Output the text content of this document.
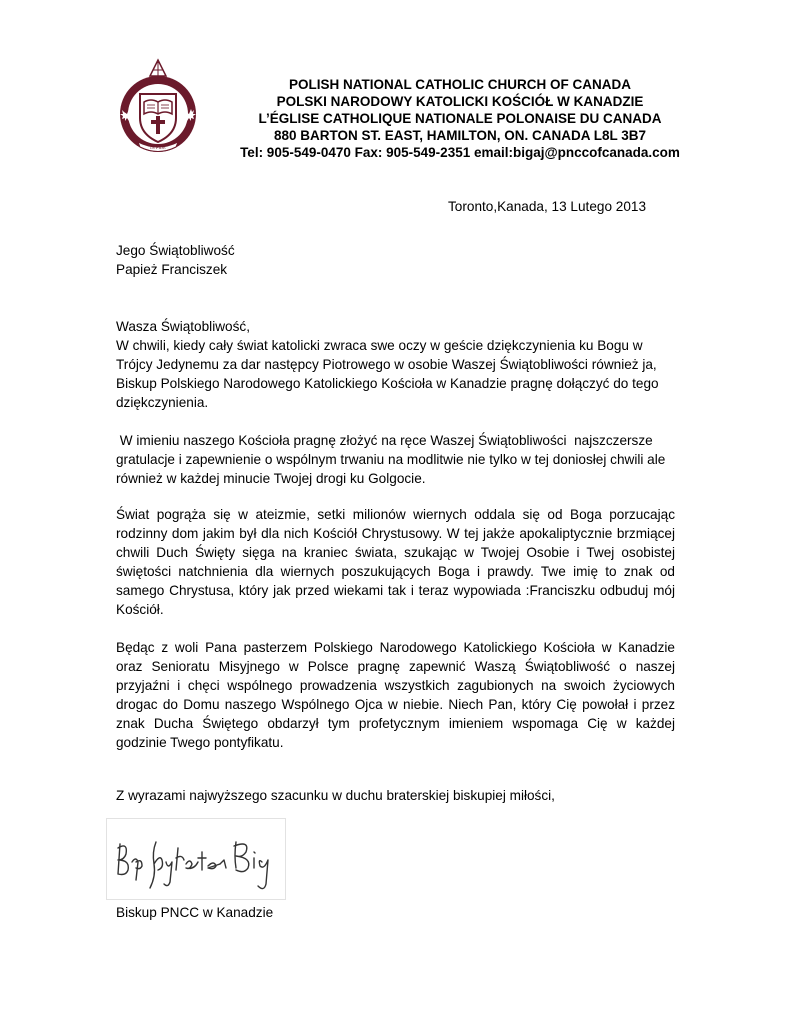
IN FIDE
POLISH NATIONAL CATHOLIC CHURCH OF CANADA
POLSKI NARODOWY KATOLICKI KOŚCIÓŁ W KANADZIE
L’ÉGLISE CATHOLIQUE NATIONALE POLONAISE DU CANADA
880 BARTON ST. EAST, HAMILTON, ON. CANADA L8L 3B7
Tel: 905-549-0470 Fax: 905-549-2351 email:bigaj@pnccofcanada.com
Toronto,Kanada, 13 Lutego 2013
Jego Świątobliwość
Papież Franciszek
Wasza Świątobliwość,
W chwili, kiedy cały świat katolicki zwraca swe oczy w geście dziękczynienia ku Bogu w Trójcy Jedynemu za dar następcy Piotrowego w osobie Waszej Świątobliwości również ja, Biskup Polskiego Narodowego Katolickiego Kościoła w Kanadzie pragnę dołączyć do tego dziękczynienia.
W imieniu naszego Kościoła pragnę złożyć na ręce Waszej Świątobliwości  najszczersze gratulacje i zapewnienie o wspólnym trwaniu na modlitwie nie tylko w tej doniosłej chwili ale również w każdej minucie Twojej drogi ku Golgocie.
Świat pogrąża się w ateizmie, setki milionów wiernych oddala się od Boga porzucając rodzinny dom jakim był dla nich Kościół Chrystusowy. W tej jakże apokaliptycznie brzmiącej chwili Duch Święty sięga na kraniec świata, szukając w Twojej Osobie i Twej osobistej świętości natchnienia dla wiernych poszukujących Boga i prawdy. Twe imię to znak od samego Chrystusa, który jak przed wiekami tak i teraz wypowiada :Franciszku odbuduj mój Kościół.
Będąc z woli Pana pasterzem Polskiego Narodowego Katolickiego Kościoła w Kanadzie oraz Senioratu Misyjnego w Polsce pragnę zapewnić Waszą Świątobliwość o naszej przyjaźni i chęci wspólnego prowadzenia wszystkich zagubionych na swoich życiowych drogac do Domu naszego Wspólnego Ojca w niebie. Niech Pan, który Cię powołał i przez znak Ducha Świętego obdarzył tym profetycznym imieniem wspomaga Cię w każdej godzinie Twego pontyfikatu.
Z wyrazami najwyższego szacunku w duchu braterskiej biskupiej miłości,
Biskup PNCC w Kanadzie
